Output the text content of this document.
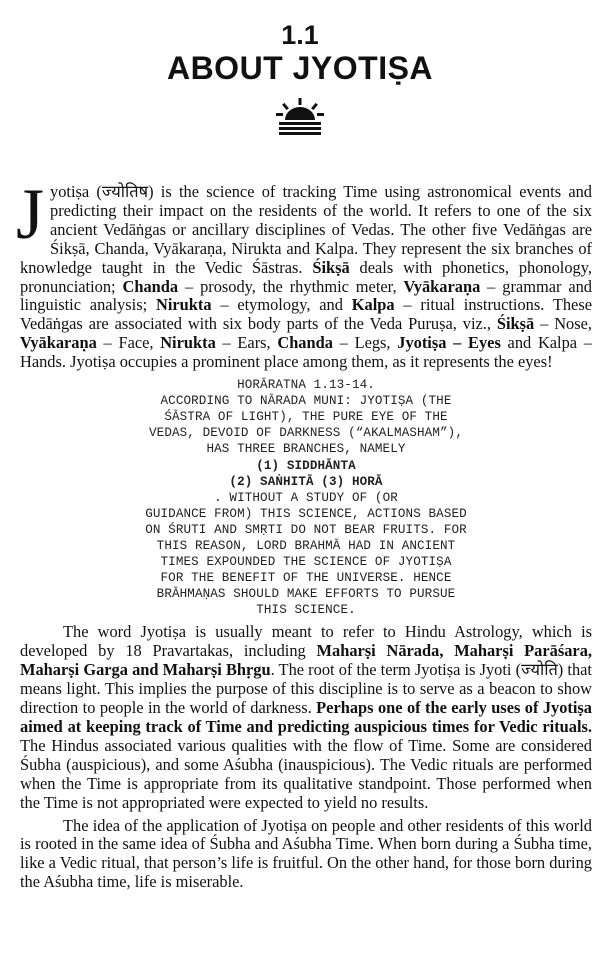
1.1
ABOUT JYOTIṢA

Jyotiṣa (ज्योतिष) is the science of tracking Time using astronomical events and predicting their impact on the residents of the world. It refers to one of the six ancient Vedāṅgas or ancillary disciplines of Vedas. The other five Vedāṅgas are Śikṣā, Chanda, Vyākaraṇa, Nirukta and Kalpa. They represent the six branches of knowledge taught in the Vedic Śāstras. Śikṣā deals with phonetics, phonology, pronunciation; Chanda – prosody, the rhythmic meter, Vyākaraṇa – grammar and linguistic analysis; Nirukta – etymology, and Kalpa – ritual instructions. These Vedāṅgas are associated with six body parts of the Veda Puruṣa, viz., Śikṣā – Nose, Vyākaraṇa – Face, Nirukta – Ears, Chanda – Legs, Jyotiṣa – Eyes and Kalpa – Hands. Jyotiṣa occupies a prominent place among them, as it represents the eyes!

HORĀRATNA 1.13-14.
ACCORDING TO NĀRADA MUNI: JYOTIṢA (THE
ŚĀSTRA OF LIGHT), THE PURE EYE OF THE
VEDAS, DEVOID OF DARKNESS (“AKALMASHAM”),
HAS THREE BRANCHES, NAMELY
(1) SIDDHĀNTA
(2) SAṄHITĀ (3) HORĀ
. WITHOUT A STUDY OF (OR
GUIDANCE FROM) THIS SCIENCE, ACTIONS BASED
ON ŚRUTI AND SMṚTI DO NOT BEAR FRUITS. FOR
THIS REASON, LORD BRAHMĀ HAD IN ANCIENT
TIMES EXPOUNDED THE SCIENCE OF JYOTIṢA
FOR THE BENEFIT OF THE UNIVERSE. HENCE
BRĀHMAṆAS SHOULD MAKE EFFORTS TO PURSUE
THIS SCIENCE.

The word Jyotiṣa is usually meant to refer to Hindu Astrology, which is developed by 18 Pravartakas, including Maharṣi Nārada, Maharṣi Parāśara, Maharṣi Garga and Maharṣi Bhṛgu. The root of the term Jyotiṣa is Jyoti (ज्योति) that means light. This implies the purpose of this discipline is to serve as a beacon to show direction to people in the world of darkness. Perhaps one of the early uses of Jyotiṣa aimed at keeping track of Time and predicting auspicious times for Vedic rituals. The Hindus associated various qualities with the flow of Time. Some are considered Śubha (auspicious), and some Aśubha (inauspicious). The Vedic rituals are performed when the Time is appropriate from its qualitative standpoint. Those performed when the Time is not appropriated were expected to yield no results.

The idea of the application of Jyotiṣa on people and other residents of this world is rooted in the same idea of Śubha and Aśubha Time. When born during a Śubha time, like a Vedic ritual, that person’s life is fruitful. On the other hand, for those born during the Aśubha time, life is miserable.
